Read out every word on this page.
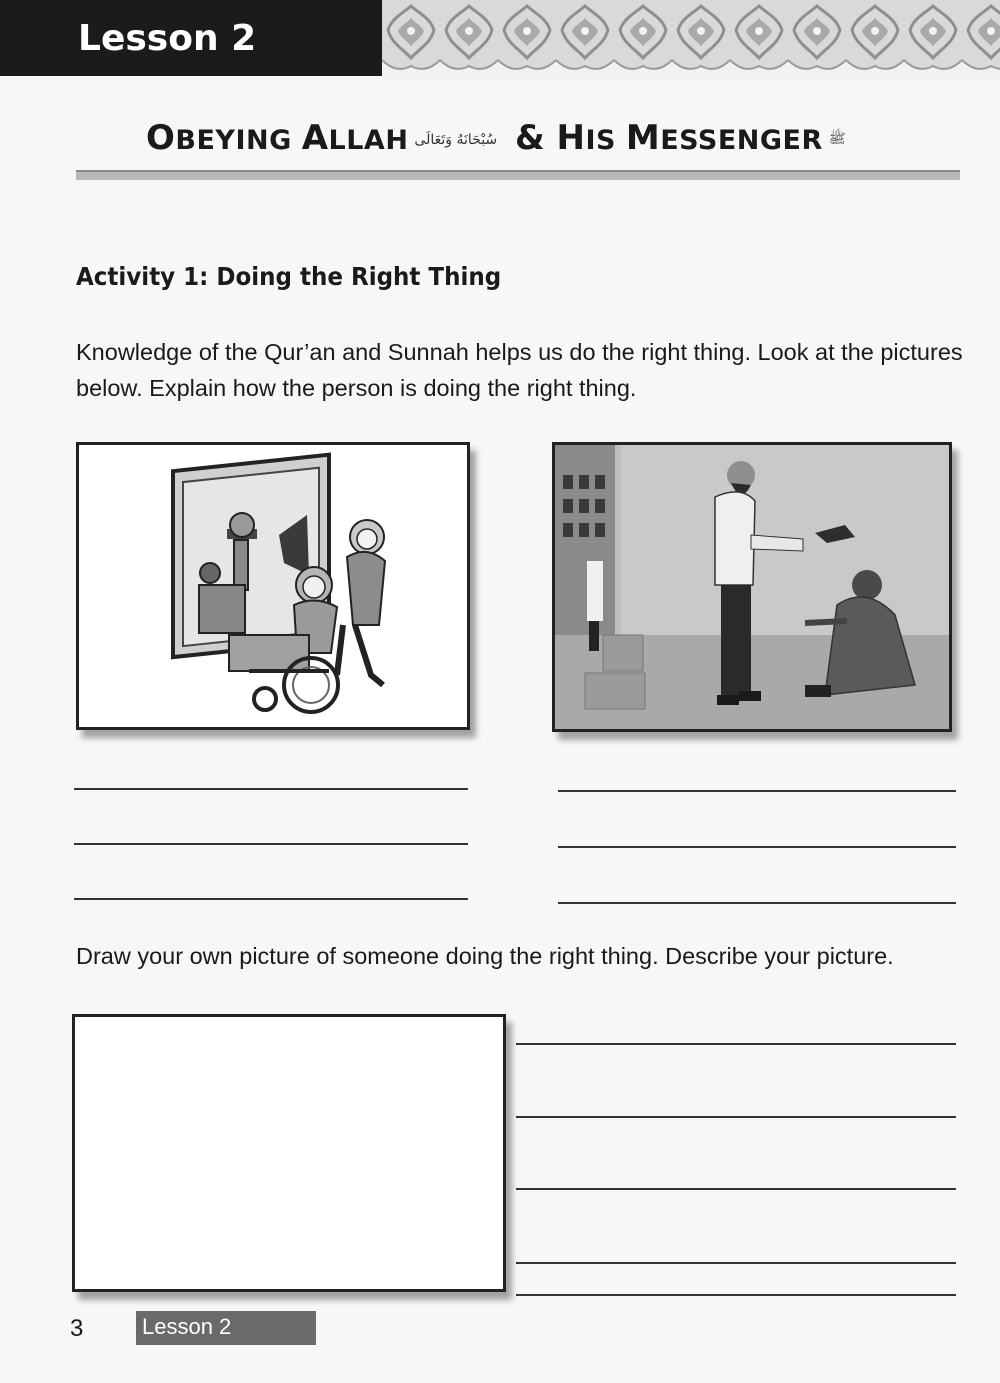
Lesson 2
OBEYING ALLAH سُبْحَانَهُ وَتَعَالَى & HIS MESSENGER ﷺ
Activity 1: Doing the Right Thing
Knowledge of the Qur’an and Sunnah helps us do the right thing. Look at the pictures below. Explain how the person is doing the right thing.
Draw your own picture of someone doing the right thing. Describe your picture.
3	Lesson 2
